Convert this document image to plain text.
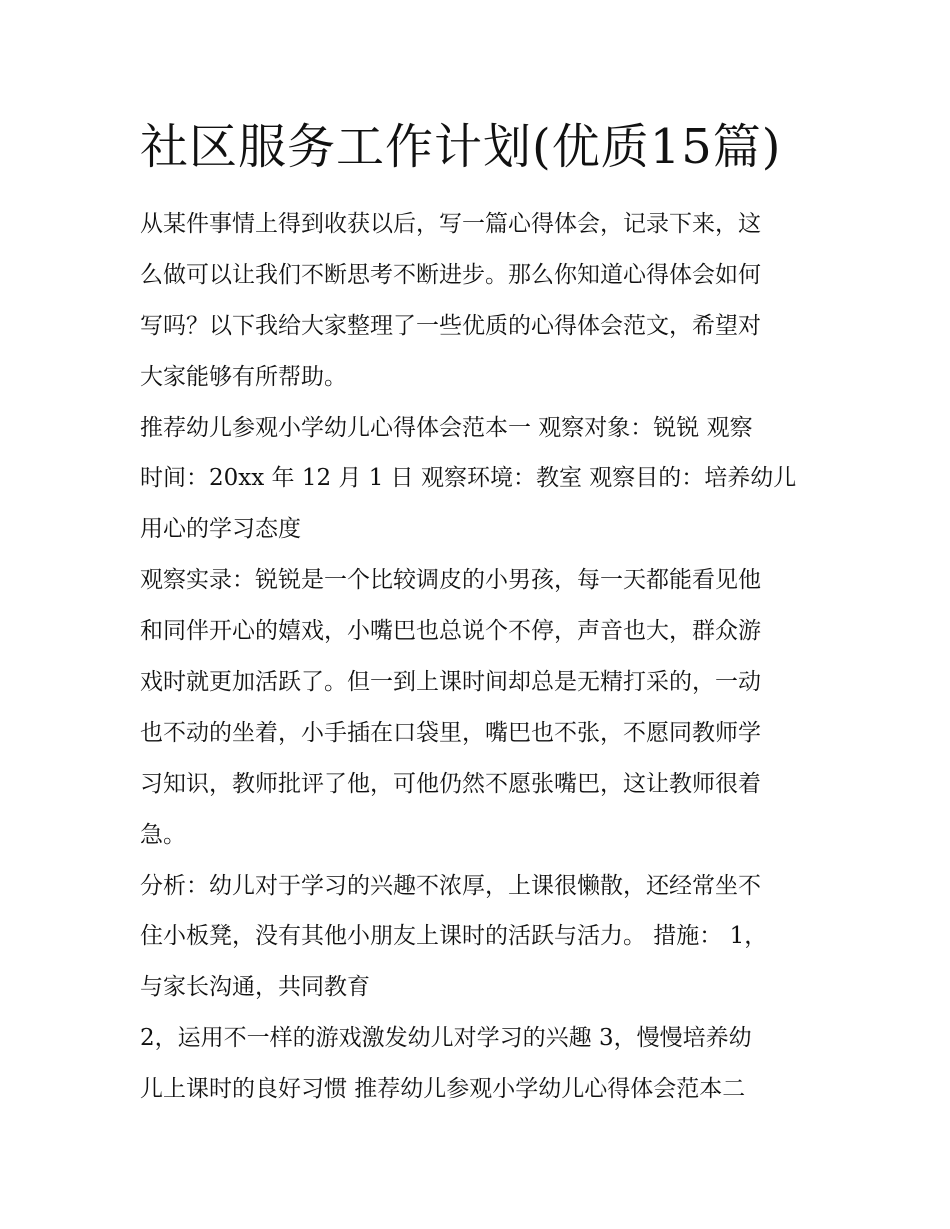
社区服务工作计划(优质15篇)

从某件事情上得到收获以后，写一篇心得体会，记录下来，这
么做可以让我们不断思考不断进步。那么你知道心得体会如何
写吗？以下我给大家整理了一些优质的心得体会范文，希望对
大家能够有所帮助。

推荐幼儿参观小学幼儿心得体会范本一 观察对象：锐锐 观察
时间：20xx 年 12 月 1 日 观察环境：教室 观察目的：培养幼儿
用心的学习态度

观察实录：锐锐是一个比较调皮的小男孩，每一天都能看见他
和同伴开心的嬉戏，小嘴巴也总说个不停，声音也大，群众游
戏时就更加活跃了。但一到上课时间却总是无精打采的，一动
也不动的坐着，小手插在口袋里，嘴巴也不张，不愿同教师学
习知识，教师批评了他，可他仍然不愿张嘴巴，这让教师很着
急。

分析：幼儿对于学习的兴趣不浓厚，上课很懒散，还经常坐不
住小板凳，没有其他小朋友上课时的活跃与活力。 措施： 1，
与家长沟通，共同教育

2，运用不一样的游戏激发幼儿对学习的兴趣 3，慢慢培养幼
儿上课时的良好习惯 推荐幼儿参观小学幼儿心得体会范本二
